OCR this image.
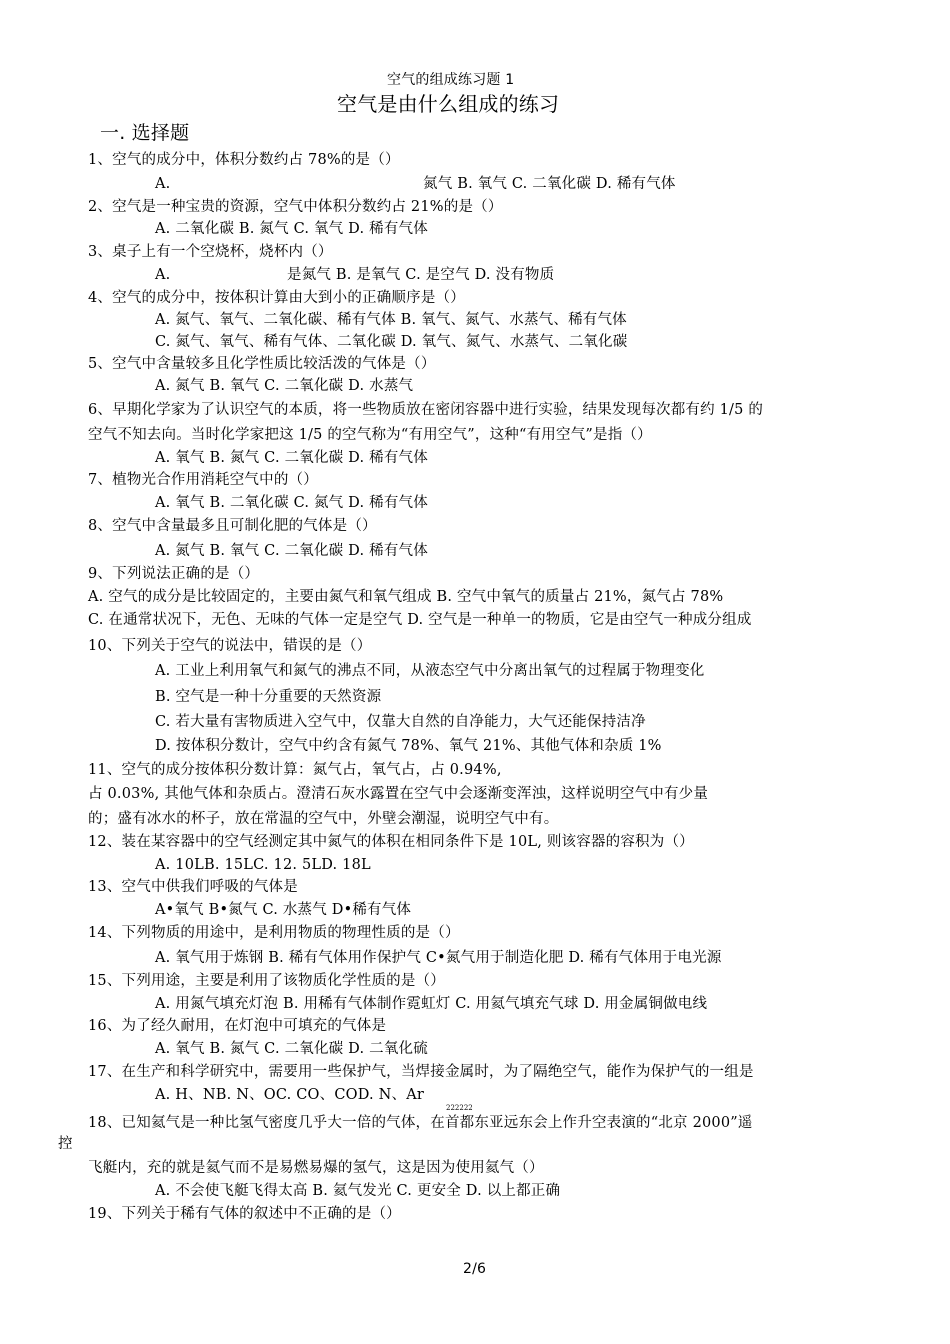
空气的组成练习题 1
空气是由什么组成的练习
一. 选择题
1、空气的成分中，体积分数约占 78%的是（）
A.	氮气 B. 氧气 C. 二氧化碳 D. 稀有气体
2、空气是一种宝贵的资源，空气中体积分数约占 21%的是（）
A. 二氧化碳 B. 氮气 C. 氧气 D. 稀有气体
3、桌子上有一个空烧杯，烧杯内（）
A.	是氮气 B. 是氧气 C. 是空气 D. 没有物质
4、空气的成分中，按体积计算由大到小的正确顺序是（）
A. 氮气、氧气、二氧化碳、稀有气体 B. 氧气、氮气、水蒸气、稀有气体
C. 氮气、氧气、稀有气体、二氧化碳 D. 氧气、氮气、水蒸气、二氧化碳
5、空气中含量较多且化学性质比较活泼的气体是（）
A. 氮气 B. 氧气 C. 二氧化碳 D. 水蒸气
6、早期化学家为了认识空气的本质，将一些物质放在密闭容器中进行实验，结果发现每次都有约 1/5 的
空气不知去向。当时化学家把这 1/5 的空气称为“有用空气”，这种“有用空气”是指（）
A. 氧气 B. 氮气 C. 二氧化碳 D. 稀有气体
7、植物光合作用消耗空气中的（）
A. 氧气 B. 二氧化碳 C. 氮气 D. 稀有气体
8、空气中含量最多且可制化肥的气体是（）
A. 氮气 B. 氧气 C. 二氧化碳 D. 稀有气体
9、下列说法正确的是（）
A. 空气的成分是比较固定的，主要由氮气和氧气组成 B. 空气中氧气的质量占 21%，氮气占 78%
C. 在通常状况下，无色、无味的气体一定是空气 D. 空气是一种单一的物质，它是由空气一种成分组成
10、下列关于空气的说法中，错误的是（）
A. 工业上利用氧气和氮气的沸点不同，从液态空气中分离出氧气的过程属于物理变化
B. 空气是一种十分重要的天然资源
C. 若大量有害物质进入空气中，仅靠大自然的自净能力，大气还能保持洁净
D. 按体积分数计，空气中约含有氮气 78%、氧气 21%、其他气体和杂质 1%
11、空气的成分按体积分数计算：氮气占，氧气占，占 0.94%,
占 0.03%, 其他气体和杂质占。澄清石灰水露置在空气中会逐渐变浑浊，这样说明空气中有少量
的；盛有冰水的杯子，放在常温的空气中，外壁会潮湿，说明空气中有。
12、装在某容器中的空气经测定其中氮气的体积在相同条件下是 10L, 则该容器的容积为（）
A. 10LB. 15LC. 12. 5LD. 18L
13、空气中供我们呼吸的气体是
A•氧气 B•氮气 C. 水蒸气 D•稀有气体
14、下列物质的用途中，是利用物质的物理性质的是（）
A. 氧气用于炼钢 B. 稀有气体用作保护气 C•氮气用于制造化肥 D. 稀有气体用于电光源
15、下列用途，主要是利用了该物质化学性质的是（）
A. 用氮气填充灯泡 B. 用稀有气体制作霓虹灯 C. 用氦气填充气球 D. 用金属铜做电线
16、为了经久耐用，在灯泡中可填充的气体是
A. 氧气 B. 氮气 C. 二氧化碳 D. 二氧化硫
17、在生产和科学研究中，需要用一些保护气，当焊接金属时，为了隔绝空气，能作为保护气的一组是
A. H、NB. N、OC. CO、COD. N、Ar
222222
18、已知氦气是一种比氢气密度几乎大一倍的气体，在首都东亚远东会上作升空表演的“北京 2000”遥
控
飞艇内，充的就是氦气而不是易燃易爆的氢气，这是因为使用氦气（）
A. 不会使飞艇飞得太高 B. 氦气发光 C. 更安全 D. 以上都正确
19、下列关于稀有气体的叙述中不正确的是（）
2/6
